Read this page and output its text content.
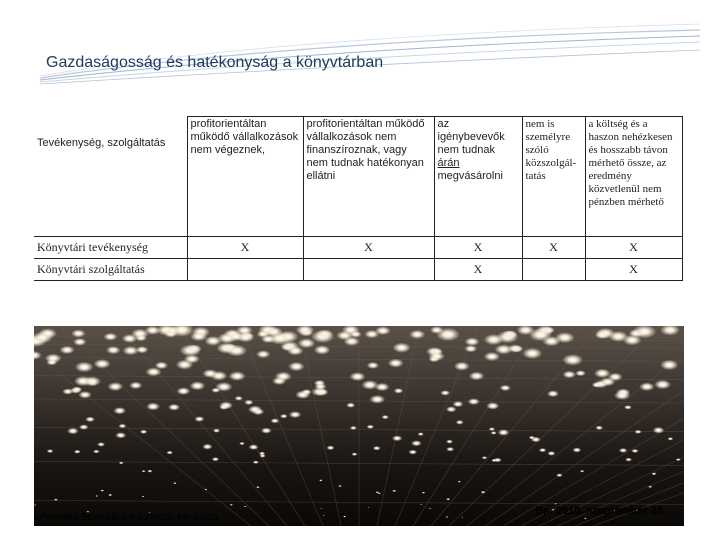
Gazdaságosság és hatékonyság a könyvtárban
Tevékenység, szolgáltatás	profitorientáltan működő vállalkozások nem végeznek,	profitorientáltan működő vállalkozások nem finanszíroznak, vagy nem tudnak hatékonyan ellátni	az igénybevevők nem tudnak árán megvásárolni	nem is személyre szóló közszolgál-tatás	a költség és a haszon nehézkesen és hosszabb távon mérhető össze, az eredmény közvetlenül nem pénzben mérhető
Könyvtári tevékenység	X	X	X	X	X
Könyvtári szolgáltatás			X		X
Informatio Scientifica-Informatio Medicata
Bp. 2010. szeptember 23.
